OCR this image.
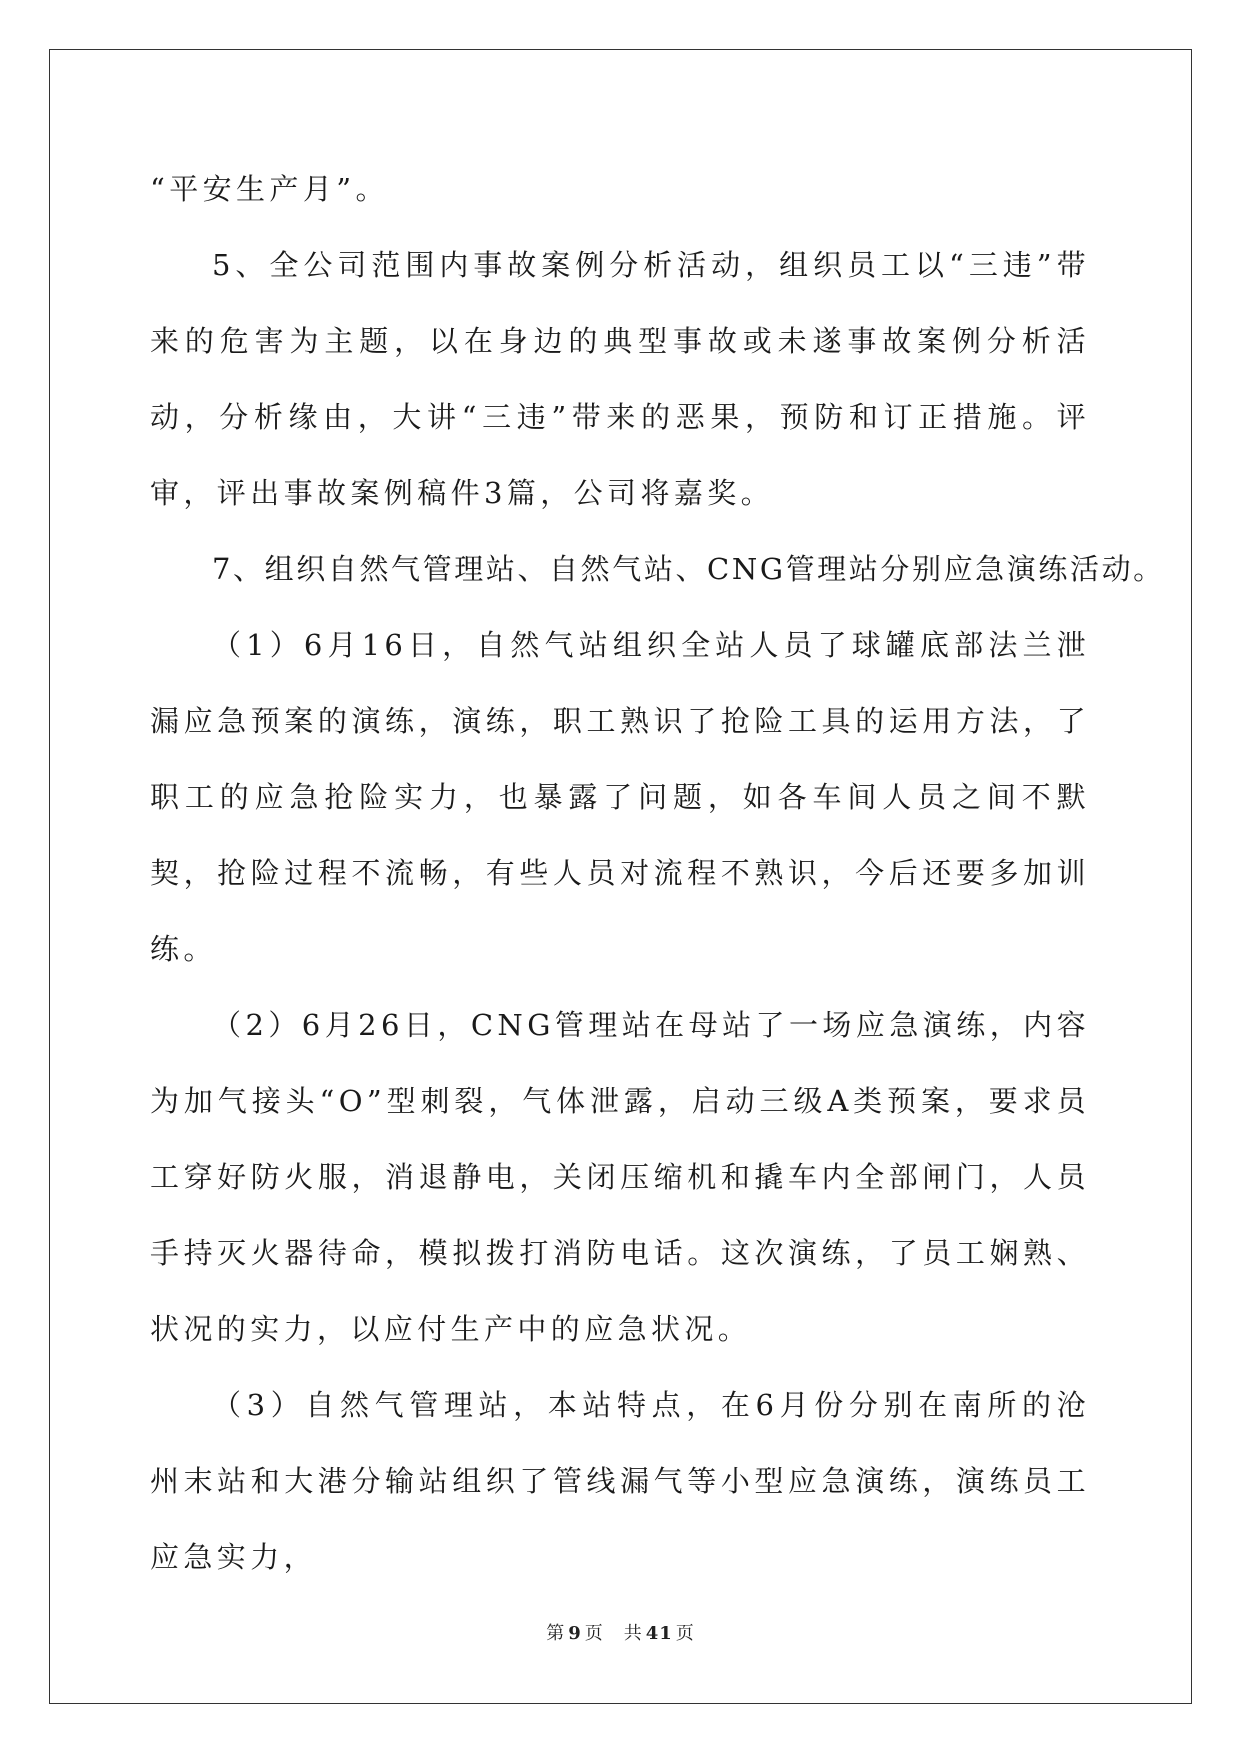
“平安生产月”。

5、全公司范围内事故案例分析活动，组织员工以“三违”带来的危害为主题，以在身边的典型事故或未遂事故案例分析活动，分析缘由，大讲“三违”带来的恶果，预防和订正措施。评审，评出事故案例稿件3篇，公司将嘉奖。

7、组织自然气管理站、自然气站、CNG管理站分别应急演练活动。

（1）6月16日，自然气站组织全站人员了球罐底部法兰泄漏应急预案的演练，演练，职工熟识了抢险工具的运用方法，了职工的应急抢险实力，也暴露了问题，如各车间人员之间不默契，抢险过程不流畅，有些人员对流程不熟识，今后还要多加训练。

（2）6月26日，CNG管理站在母站了一场应急演练，内容为加气接头“O”型刺裂，气体泄露，启动三级A类预案，要求员工穿好防火服，消退静电，关闭压缩机和撬车内全部闸门，人员手持灭火器待命，模拟拨打消防电话。这次演练，了员工娴熟、状况的实力，以应付生产中的应急状况。

（3）自然气管理站，本站特点，在6月份分别在南所的沧州末站和大港分输站组织了管线漏气等小型应急演练，演练员工应急实力，

第 9 页 共 41 页
